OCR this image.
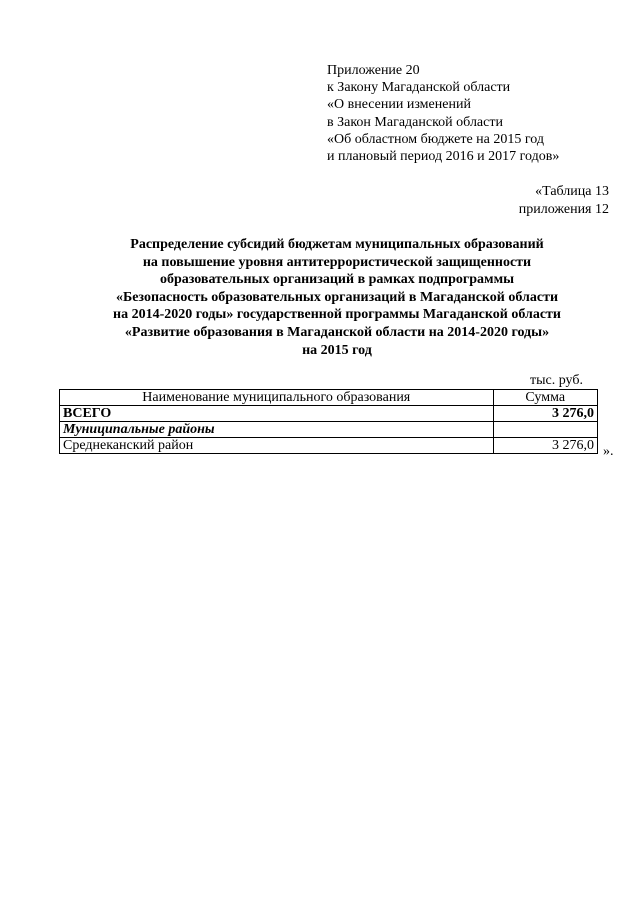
Приложение 20
к Закону Магаданской области
«О внесении изменений
в Закон Магаданской области
«Об областном бюджете на 2015 год
и плановый период 2016 и 2017 годов»
«Таблица 13
приложения 12
Распределение субсидий бюджетам муниципальных образований
на повышение уровня антитеррористической защищенности
образовательных организаций в рамках подпрограммы
«Безопасность образовательных организаций в Магаданской области
на 2014-2020 годы» государственной программы Магаданской области
«Развитие образования в Магаданской области на 2014-2020 годы»
на 2015 год
тыс. руб.
Наименование муниципального образования	Сумма
ВСЕГО	3 276,0
Муниципальные районы	
Среднеканский район	3 276,0 ».
